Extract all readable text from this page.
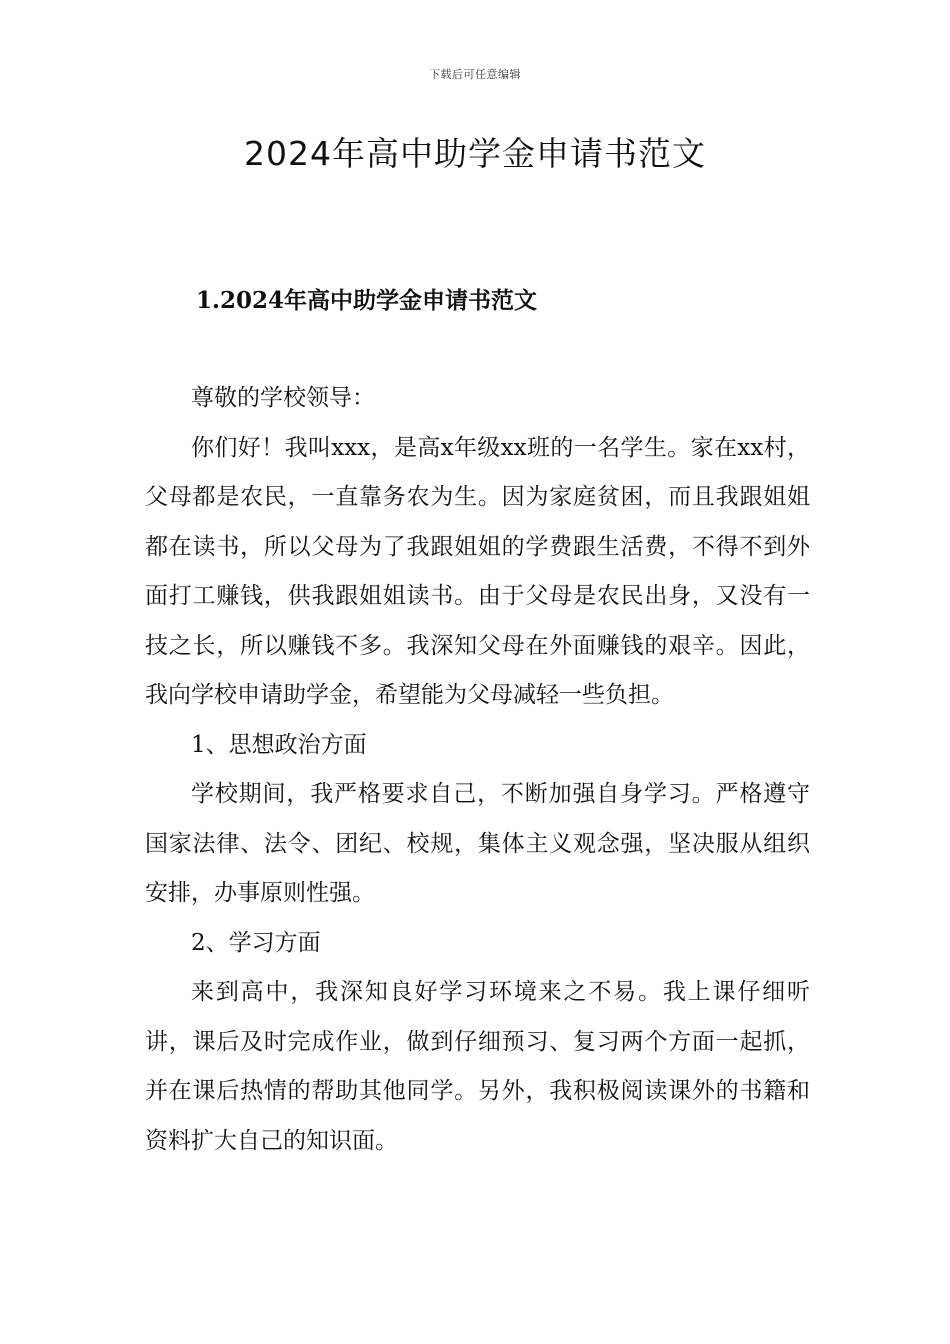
下载后可任意编辑
2024年高中助学金申请书范文
1.2024年高中助学金申请书范文

尊敬的学校领导：

你们好！我叫xxx，是高x年级xx班的一名学生。家在xx村，父母都是农民，一直靠务农为生。因为家庭贫困，而且我跟姐姐都在读书，所以父母为了我跟姐姐的学费跟生活费，不得不到外面打工赚钱，供我跟姐姐读书。由于父母是农民出身，又没有一技之长，所以赚钱不多。我深知父母在外面赚钱的艰辛。因此，我向学校申请助学金，希望能为父母减轻一些负担。

1、思想政治方面

学校期间，我严格要求自己，不断加强自身学习。严格遵守国家法律、法令、团纪、校规，集体主义观念强，坚决服从组织安排，办事原则性强。

2、学习方面

来到高中，我深知良好学习环境来之不易。我上课仔细听讲，课后及时完成作业，做到仔细预习、复习两个方面一起抓，并在课后热情的帮助其他同学。另外，我积极阅读课外的书籍和资料扩大自己的知识面。
